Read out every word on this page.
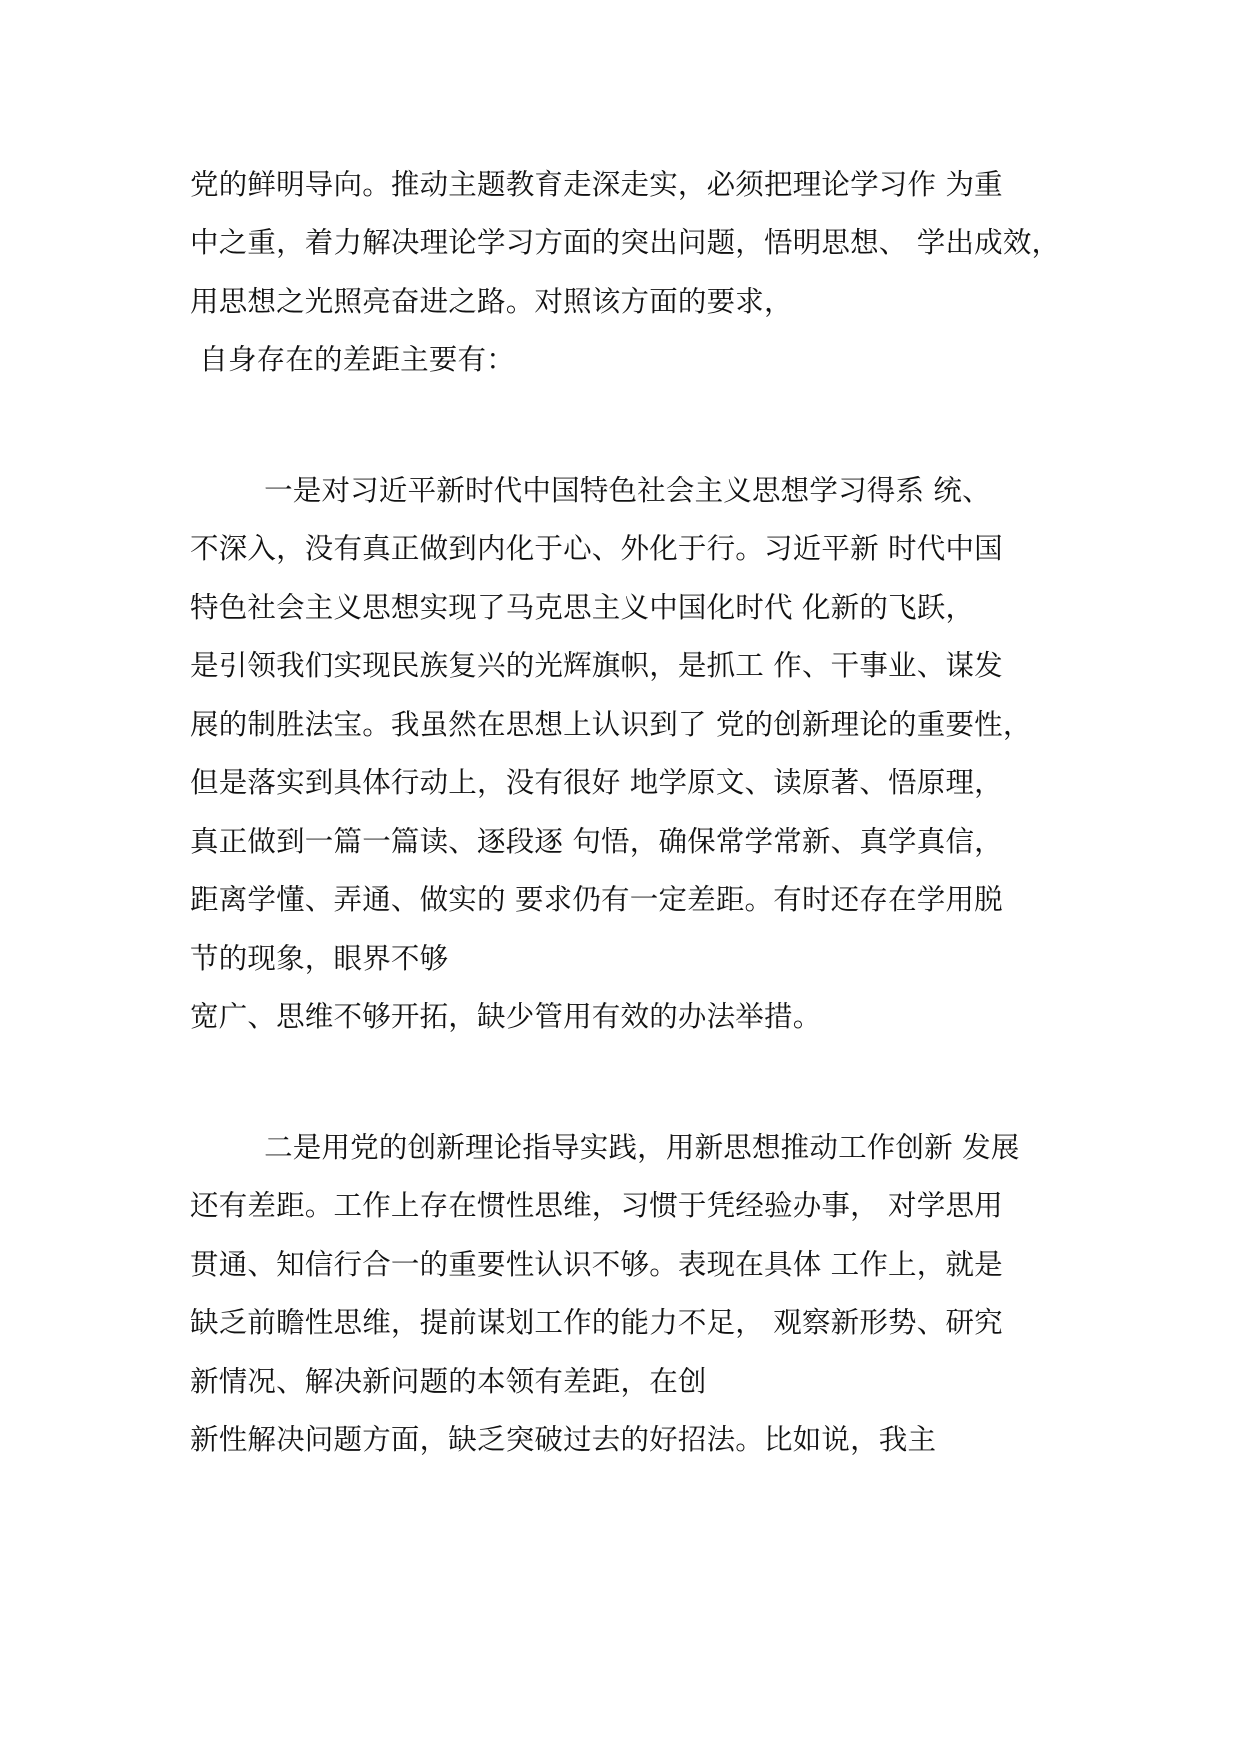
党的鲜明导向。推动主题教育走深走实，必须把理论学习作 为重

中之重，着力解决理论学习方面的突出问题，悟明思想、 学出成效，

用思想之光照亮奋进之路。对照该方面的要求，

自身存在的差距主要有：

一是对习近平新时代中国特色社会主义思想学习得系 统、

不深入，没有真正做到内化于心、外化于行。习近平新 时代中国

特色社会主义思想实现了马克思主义中国化时代 化新的飞跃，

是引领我们实现民族复兴的光辉旗帜，是抓工 作、干事业、谋发

展的制胜法宝。我虽然在思想上认识到了 党的创新理论的重要性，

但是落实到具体行动上，没有很好 地学原文、读原著、悟原理，

真正做到一篇一篇读、逐段逐 句悟，确保常学常新、真学真信，

距离学懂、弄通、做实的 要求仍有一定差距。有时还存在学用脱

节的现象，眼界不够

宽广、思维不够开拓，缺少管用有效的办法举措。

二是用党的创新理论指导实践，用新思想推动工作创新 发展

还有差距。工作上存在惯性思维，习惯于凭经验办事， 对学思用

贯通、知信行合一的重要性认识不够。表现在具体 工作上，就是

缺乏前瞻性思维，提前谋划工作的能力不足， 观察新形势、研究

新情况、解决新问题的本领有差距，在创

新性解决问题方面，缺乏突破过去的好招法。比如说，我主
